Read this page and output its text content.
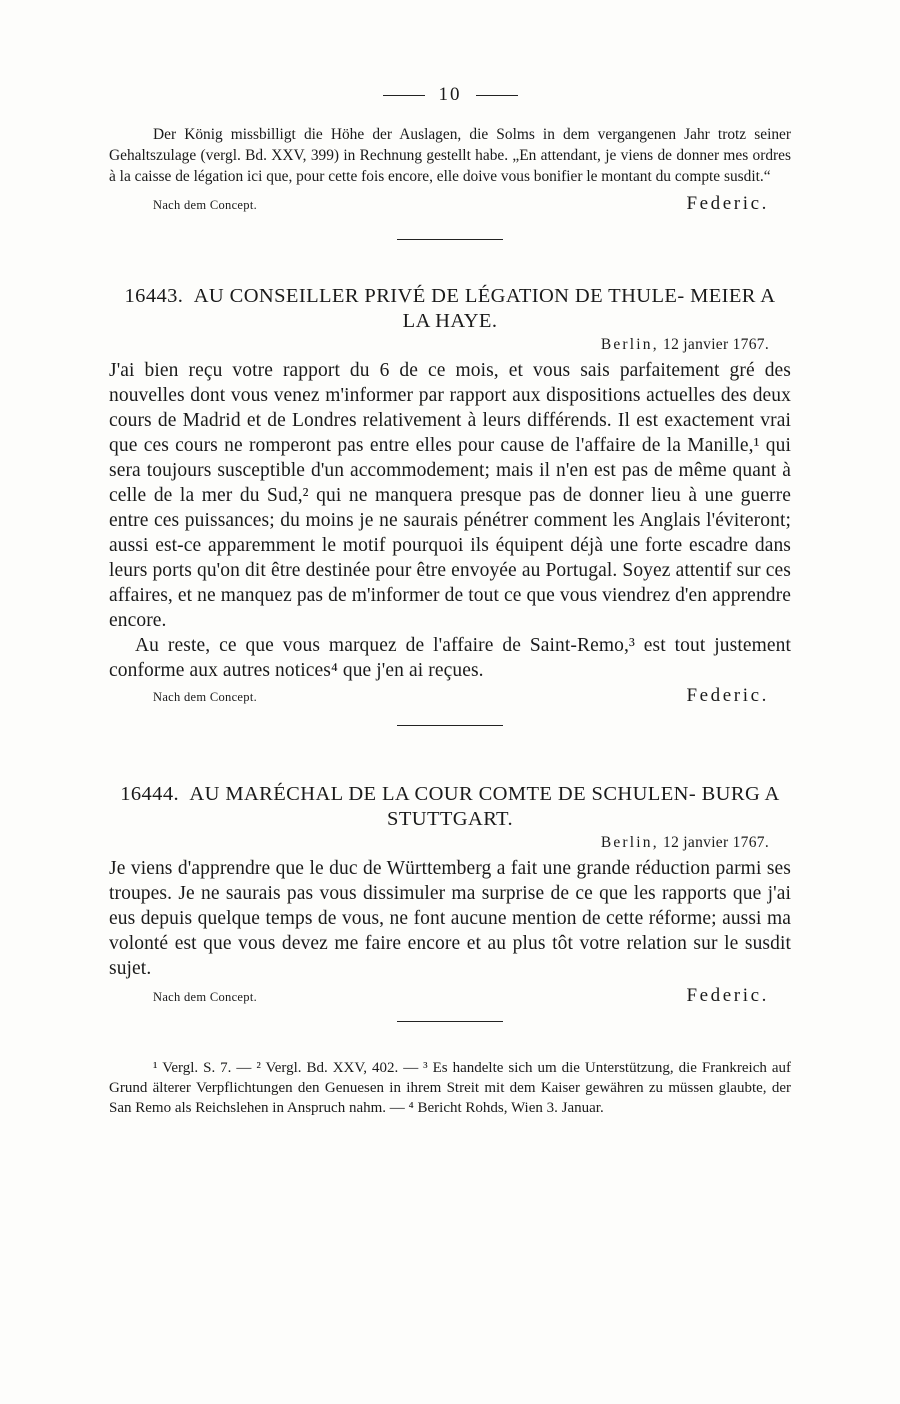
10

Der König missbilligt die Höhe der Auslagen, die Solms in dem vergangenen Jahr trotz seiner Gehaltszulage (vergl. Bd. XXV, 399) in Rechnung gestellt habe. „En attendant, je viens de donner mes ordres à la caisse de légation ici que, pour cette fois encore, elle doive vous bonifier le montant du compte susdit.“

Nach dem Concept.	Federic.
16443. AU CONSEILLER PRIVÉ DE LÉGATION DE THULE- MEIER A LA HAYE.
Berlin, 12 janvier 1767.

J'ai bien reçu votre rapport du 6 de ce mois, et vous sais parfaitement gré des nouvelles dont vous venez m'informer par rapport aux dispositions actuelles des deux cours de Madrid et de Londres relativement à leurs différends. Il est exactement vrai que ces cours ne romperont pas entre elles pour cause de l'affaire de la Manille,¹ qui sera toujours susceptible d'un accommodement; mais il n'en est pas de même quant à celle de la mer du Sud,² qui ne manquera presque pas de donner lieu à une guerre entre ces puissances; du moins je ne saurais pénétrer comment les Anglais l'éviteront; aussi est-ce apparemment le motif pourquoi ils équipent déjà une forte escadre dans leurs ports qu'on dit être destinée pour être envoyée au Portugal. Soyez attentif sur ces affaires, et ne manquez pas de m'informer de tout ce que vous viendrez d'en apprendre encore.

Au reste, ce que vous marquez de l'affaire de Saint-Remo,³ est tout justement conforme aux autres notices⁴ que j'en ai reçues.

Nach dem Concept.	Federic.
16444. AU MARÉCHAL DE LA COUR COMTE DE SCHULEN- BURG A STUTTGART.
Berlin, 12 janvier 1767.

Je viens d'apprendre que le duc de Württemberg a fait une grande réduction parmi ses troupes. Je ne saurais pas vous dissimuler ma surprise de ce que les rapports que j'ai eus depuis quelque temps de vous, ne font aucune mention de cette réforme; aussi ma volonté est que vous devez me faire encore et au plus tôt votre relation sur le susdit sujet.

Nach dem Concept.	Federic.

¹ Vergl. S. 7. — ² Vergl. Bd. XXV, 402. — ³ Es handelte sich um die Unterstützung, die Frankreich auf Grund älterer Verpflichtungen den Genuesen in ihrem Streit mit dem Kaiser gewähren zu müssen glaubte, der San Remo als Reichslehen in Anspruch nahm. — ⁴ Bericht Rohds, Wien 3. Januar.
